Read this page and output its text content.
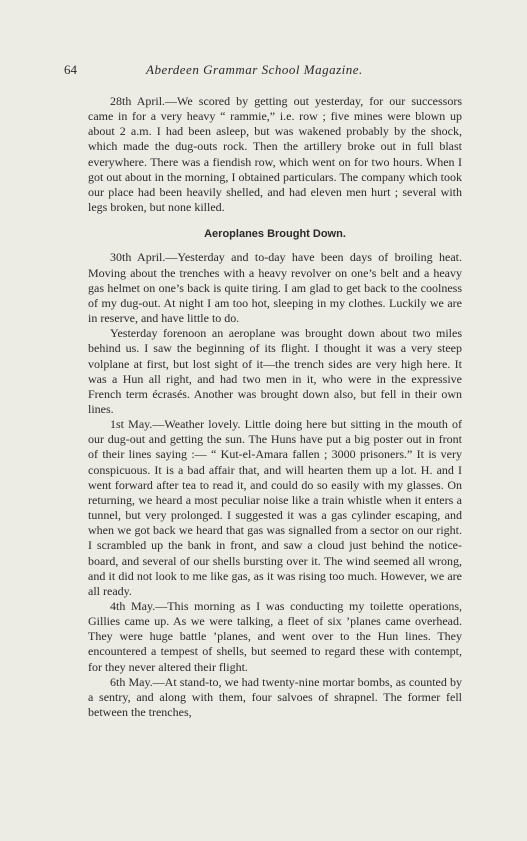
64	Aberdeen Grammar School Magazine.

28th April.—We scored by getting out yesterday, for our successors came in for a very heavy “ rammie,” i.e. row ; five mines were blown up about 2 a.m. I had been asleep, but was wakened probably by the shock, which made the dug-outs rock. Then the artillery broke out in full blast everywhere. There was a fiendish row, which went on for two hours. When I got out about in the morning, I obtained particulars. The company which took our place had been heavily shelled, and had eleven men hurt ; several with legs broken, but none killed.

Aeroplanes Brought Down.

30th April.—Yesterday and to-day have been days of broiling heat. Moving about the trenches with a heavy revolver on one’s belt and a heavy gas helmet on one’s back is quite tiring. I am glad to get back to the coolness of my dug-out. At night I am too hot, sleeping in my clothes. Luckily we are in reserve, and have little to do.

Yesterday forenoon an aeroplane was brought down about two miles behind us. I saw the beginning of its flight. I thought it was a very steep volplane at first, but lost sight of it—the trench sides are very high here. It was a Hun all right, and had two men in it, who were in the expressive French term écrasés. Another was brought down also, but fell in their own lines.

1st May.—Weather lovely. Little doing here but sitting in the mouth of our dug-out and getting the sun. The Huns have put a big poster out in front of their lines saying :— “ Kut-el-Amara fallen ; 3000 prisoners.” It is very conspicuous. It is a bad affair that, and will hearten them up a lot. H. and I went forward after tea to read it, and could do so easily with my glasses. On returning, we heard a most peculiar noise like a train whistle when it enters a tunnel, but very prolonged. I suggested it was a gas cylinder escaping, and when we got back we heard that gas was signalled from a sector on our right. I scrambled up the bank in front, and saw a cloud just behind the notice-board, and several of our shells bursting over it. The wind seemed all wrong, and it did not look to me like gas, as it was rising too much. However, we are all ready.

4th May.—This morning as I was conducting my toilette operations, Gillies came up. As we were talking, a fleet of six ’planes came overhead. They were huge battle ’planes, and went over to the Hun lines. They encountered a tempest of shells, but seemed to regard these with contempt, for they never altered their flight.

6th May.—At stand-to, we had twenty-nine mortar bombs, as counted by a sentry, and along with them, four salvoes of shrapnel. The former fell between the trenches,
